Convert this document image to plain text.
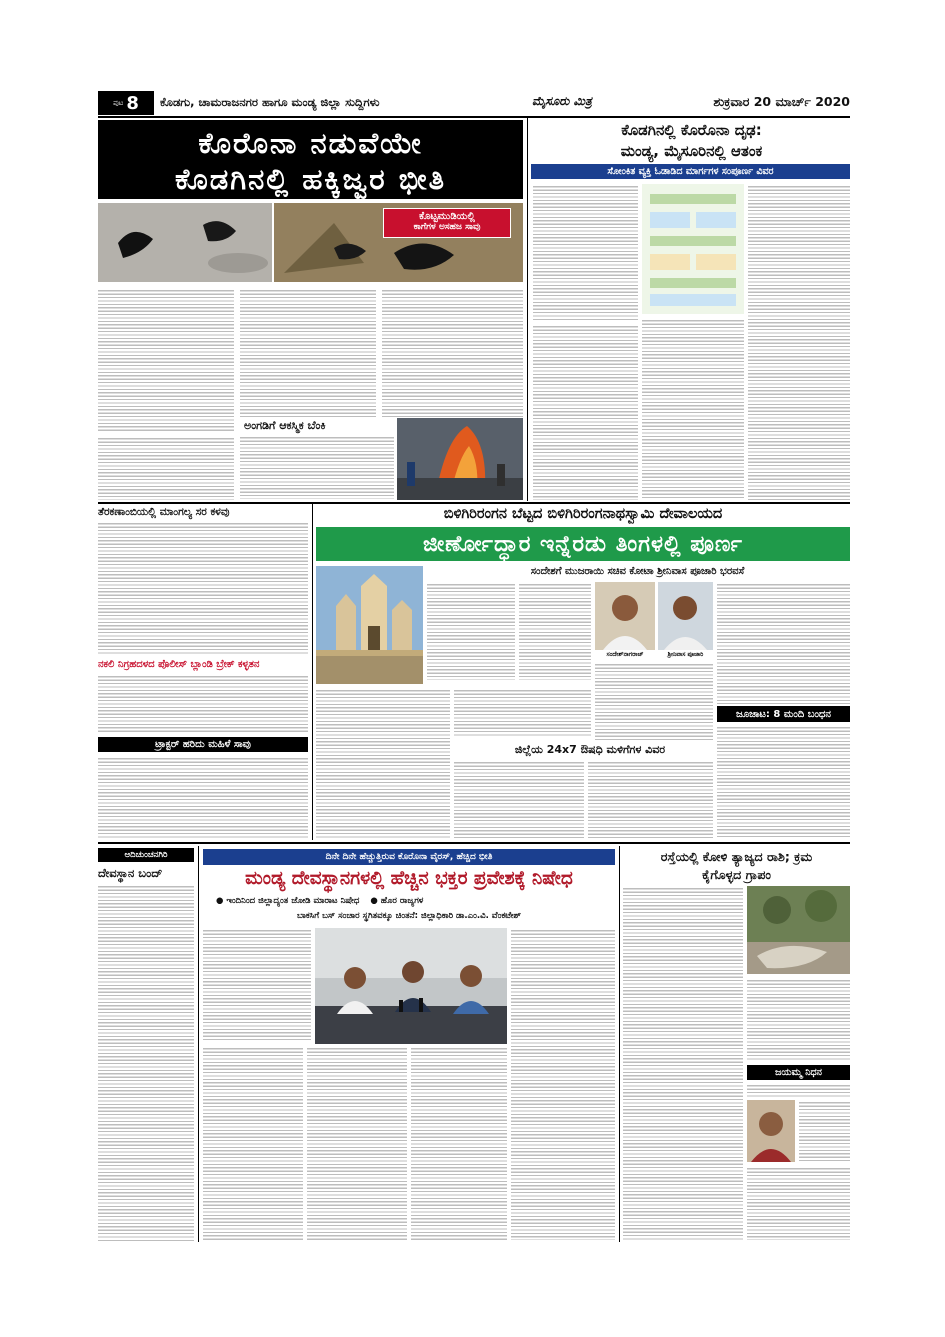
ಪುಟ 8 ಕೊಡಗು, ಚಾಮರಾಜನಗರ ಹಾಗೂ ಮಂಡ್ಯ ಜಿಲ್ಲಾ ಸುದ್ದಿಗಳು	ಮೈಸೂರು ಮಿತ್ರ	ಶುಕ್ರವಾರ 20 ಮಾರ್ಚ್ 2020
ಕೊರೊನಾ ನಡುವೆಯೇ
ಕೊಡಗಿನಲ್ಲಿ ಹಕ್ಕಿಜ್ವರ ಭೀತಿ
ಕೊಟ್ಟಮುಡಿಯಲ್ಲಿ
ಕಾಗೆಗಳ ಅಸಹಜ ಸಾವು
ಅಂಗಡಿಗೆ ಆಕಸ್ಮಿಕ ಬೆಂಕಿ
ಕೊಡಗಿನಲ್ಲಿ ಕೊರೊನಾ ದೃಢ:
ಮಂಡ್ಯ, ಮೈಸೂರಿನಲ್ಲಿ ಆತಂಕ
ಸೋಂಕಿತ ವ್ಯಕ್ತಿ ಓಡಾಡಿದ ಮಾರ್ಗಗಳ ಸಂಪೂರ್ಣ ವಿವರ
ತೆರಕಣಾಂಬಿಯಲ್ಲಿ ಮಾಂಗಲ್ಯ ಸರ ಕಳವು
ನಕಲಿ ನಿಗ್ರಹದಳದ ಪೊಲೀಸ್ ಬ್ಲಾಂಡಿ ಬ್ರೇಕ್ ಕಳ್ಳತನ
ಟ್ರಾಕ್ಟರ್ ಹರಿದು ಮಹಿಳೆ ಸಾವು
ಬಿಳಿಗಿರಿರಂಗನ ಬೆಟ್ಟದ ಬಿಳಿಗಿರಿರಂಗನಾಥಸ್ವಾಮಿ ದೇವಾಲಯದ
ಜೀರ್ಣೋದ್ಧಾರ ಇನ್ನೆರಡು ತಿಂಗಳಲ್ಲಿ ಪೂರ್ಣ
ಸಂದೇಶಗೆ ಮುಜರಾಯಿ ಸಚಿವ ಕೋಟಾ ಶ್ರೀನಿವಾಸ ಪೂಜಾರಿ ಭರವಸೆ
ಸಂದೇಶ್‌ನಾಗರಾಜ್	ಶ್ರೀನಿವಾಸ ಪೂಜಾರಿ
ಜಿಲ್ಲೆಯ 24x7 ಔಷಧಿ ಮಳಿಗೆಗಳ ವಿವರ
ಜೂಜಾಟ: 8 ಮಂದಿ ಬಂಧನ
ಆದಿಚುಂಚನಗಿರಿ
ದೇವಸ್ಥಾನ ಬಂದ್
ದಿನೇ ದಿನೇ ಹೆಚ್ಚುತ್ತಿರುವ ಕೊರೊನಾ ವೈರಸ್, ಹೆಚ್ಚಿದ ಭೀತಿ
ಮಂಡ್ಯ ದೇವಸ್ಥಾನಗಳಲ್ಲಿ ಹೆಚ್ಚಿನ ಭಕ್ತರ ಪ್ರವೇಶಕ್ಕೆ ನಿಷೇಧ
● ಇಂದಿನಿಂದ ಜಿಲ್ಲಾದ್ಯಂತ ಜೋಡಿ ಮಾರಾಟ ನಿಷೇಧ ● ಹೊರ ರಾಜ್ಯಗಳ
ಬಾಕಸಿಗೆ ಬಸ್ ಸಂಚಾರ ಸ್ಥಗಿತವಕ್ಕೂ ಚಿಂತನೆ: ಜಿಲ್ಲಾಧಿಕಾರಿ ಡಾ.ಎಂ.ವಿ. ವೆಂಕಟೇಶ್
ರಸ್ತೆಯಲ್ಲಿ ಕೋಳಿ ತ್ಯಾಜ್ಯದ ರಾಶಿ; ಕ್ರಮ
ಕೈಗೊಳ್ಳದ ಗ್ರಾಪಂ
ಜಯಮ್ಮ ನಿಧನ
